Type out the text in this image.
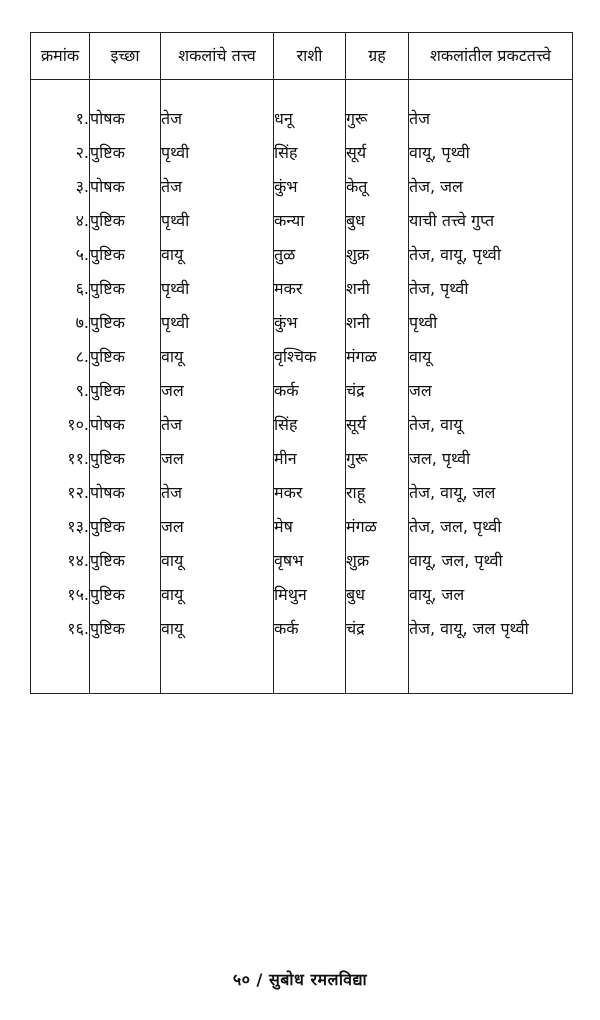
क्रमांक	इच्छा	शकलांचे तत्त्व	राशी	ग्रह	शकलांतील प्रकटतत्त्वे

१.	पोषक	तेज	धनू	गुरू	तेज
२.	पुष्टिक	पृथ्वी	सिंह	सूर्य	वायू, पृथ्वी
३.	पोषक	तेज	कुंभ	केतू	तेज, जल
४.	पुष्टिक	पृथ्वी	कन्या	बुध	याची तत्त्वे गुप्त
५.	पुष्टिक	वायू	तुळ	शुक्र	तेज, वायू, पृथ्वी
६.	पुष्टिक	पृथ्वी	मकर	शनी	तेज, पृथ्वी
७.	पुष्टिक	पृथ्वी	कुंभ	शनी	पृथ्वी
८.	पुष्टिक	वायू	वृश्चिक	मंगळ	वायू
९.	पुष्टिक	जल	कर्क	चंद्र	जल
१०.	पोषक	तेज	सिंह	सूर्य	तेज, वायू
११.	पुष्टिक	जल	मीन	गुरू	जल, पृथ्वी
१२.	पोषक	तेज	मकर	राहू	तेज, वायू, जल
१३.	पुष्टिक	जल	मेष	मंगळ	तेज, जल, पृथ्वी
१४.	पुष्टिक	वायू	वृषभ	शुक्र	वायू, जल, पृथ्वी
१५.	पुष्टिक	वायू	मिथुन	बुध	वायू, जल
१६.	पुष्टिक	वायू	कर्क	चंद्र	तेज, वायू, जल पृथ्वी

५० / सुबोध रमलविद्या
